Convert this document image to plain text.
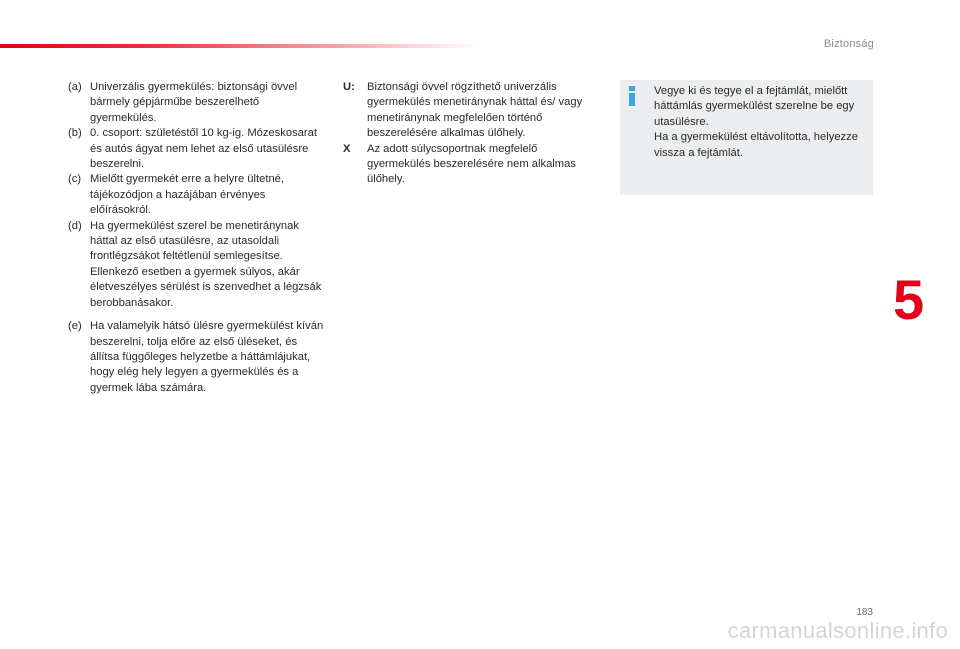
Biztonság
(a) Univerzális gyermekülés: biztonsági övvel bármely gépjárműbe beszerelhető gyermekülés.
(b) 0. csoport: születéstől 10 kg-ig. Mózeskosarat és autós ágyat nem lehet az első utasülésre beszerelni.
(c) Mielőtt gyermekét erre a helyre ültetné, tájékozódjon a hazájában érvényes előírásokról.
(d) Ha gyermekülést szerel be menetiránynak háttal az első utasülésre, az utasoldali frontlégzsákot feltétlenül semlegesítse. Ellenkező esetben a gyermek súlyos, akár életveszélyes sérülést is szenvedhet a légzsák berobbanásakor.
(e) Ha valamelyik hátsó ülésre gyermekülést kíván beszerelni, tolja előre az első üléseket, és állítsa függőleges helyzetbe a háttámlájukat, hogy elég hely legyen a gyermekülés és a gyermek lába számára.
U:	Biztonsági övvel rögzíthető univerzális gyermekülés menetiránynak háttal és/ vagy menetiránynak megfelelően történő beszerelésére alkalmas ülőhely.
X	Az adott súlycsoportnak megfelelő gyermekülés beszerelésére nem alkalmas ülőhely.

Vegye ki és tegye el a fejtámlát, mielőtt háttámlás gyermekülést szerelne be egy utasülésre.

Ha a gyermekülést eltávolította, helyezze vissza a fejtámlát.

5
183
carmanualsonline.info
